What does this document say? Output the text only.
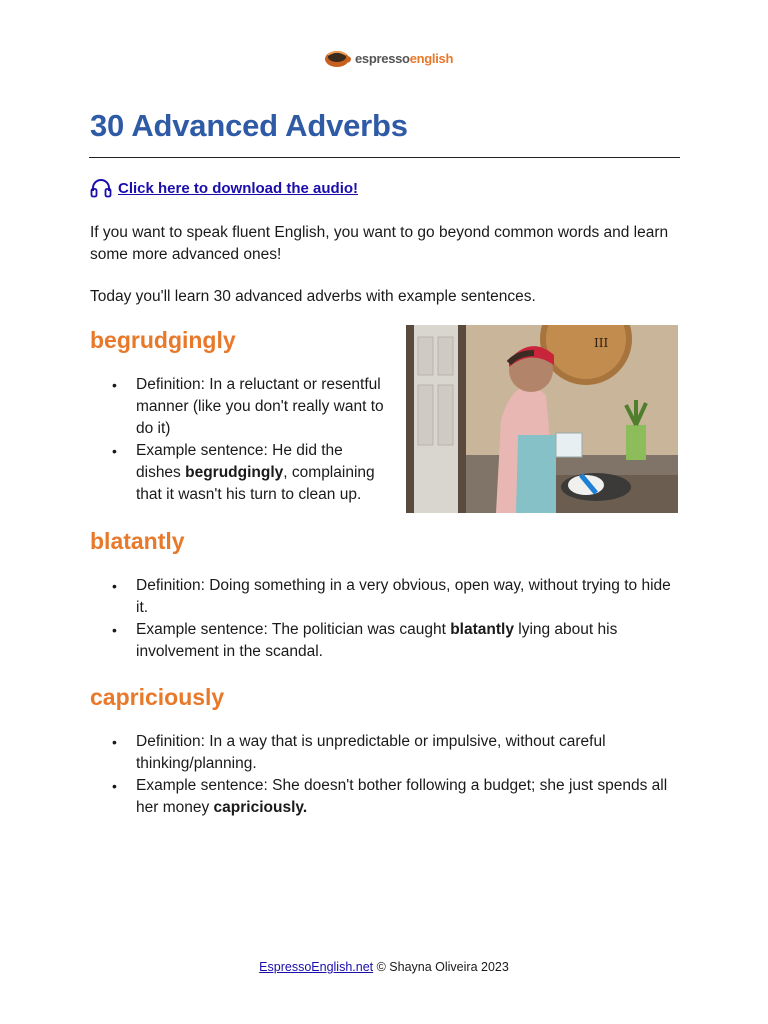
espressoenglish
30 Advanced Adverbs
Click here to download the audio!

If you want to speak fluent English, you want to go beyond common words and learn some more advanced ones!

Today you'll learn 30 advanced adverbs with example sentences.

begrudgingly
• Definition: In a reluctant or resentful manner (like you don't really want to do it)
• Example sentence: He did the dishes begrudgingly, complaining that it wasn't his turn to clean up.
III
blatantly
• Definition: Doing something in a very obvious, open way, without trying to hide it.
• Example sentence: The politician was caught blatantly lying about his involvement in the scandal.
capriciously
• Definition: In a way that is unpredictable or impulsive, without careful thinking/planning.
• Example sentence: She doesn't bother following a budget; she just spends all her money capriciously.
EspressoEnglish.net © Shayna Oliveira 2023
